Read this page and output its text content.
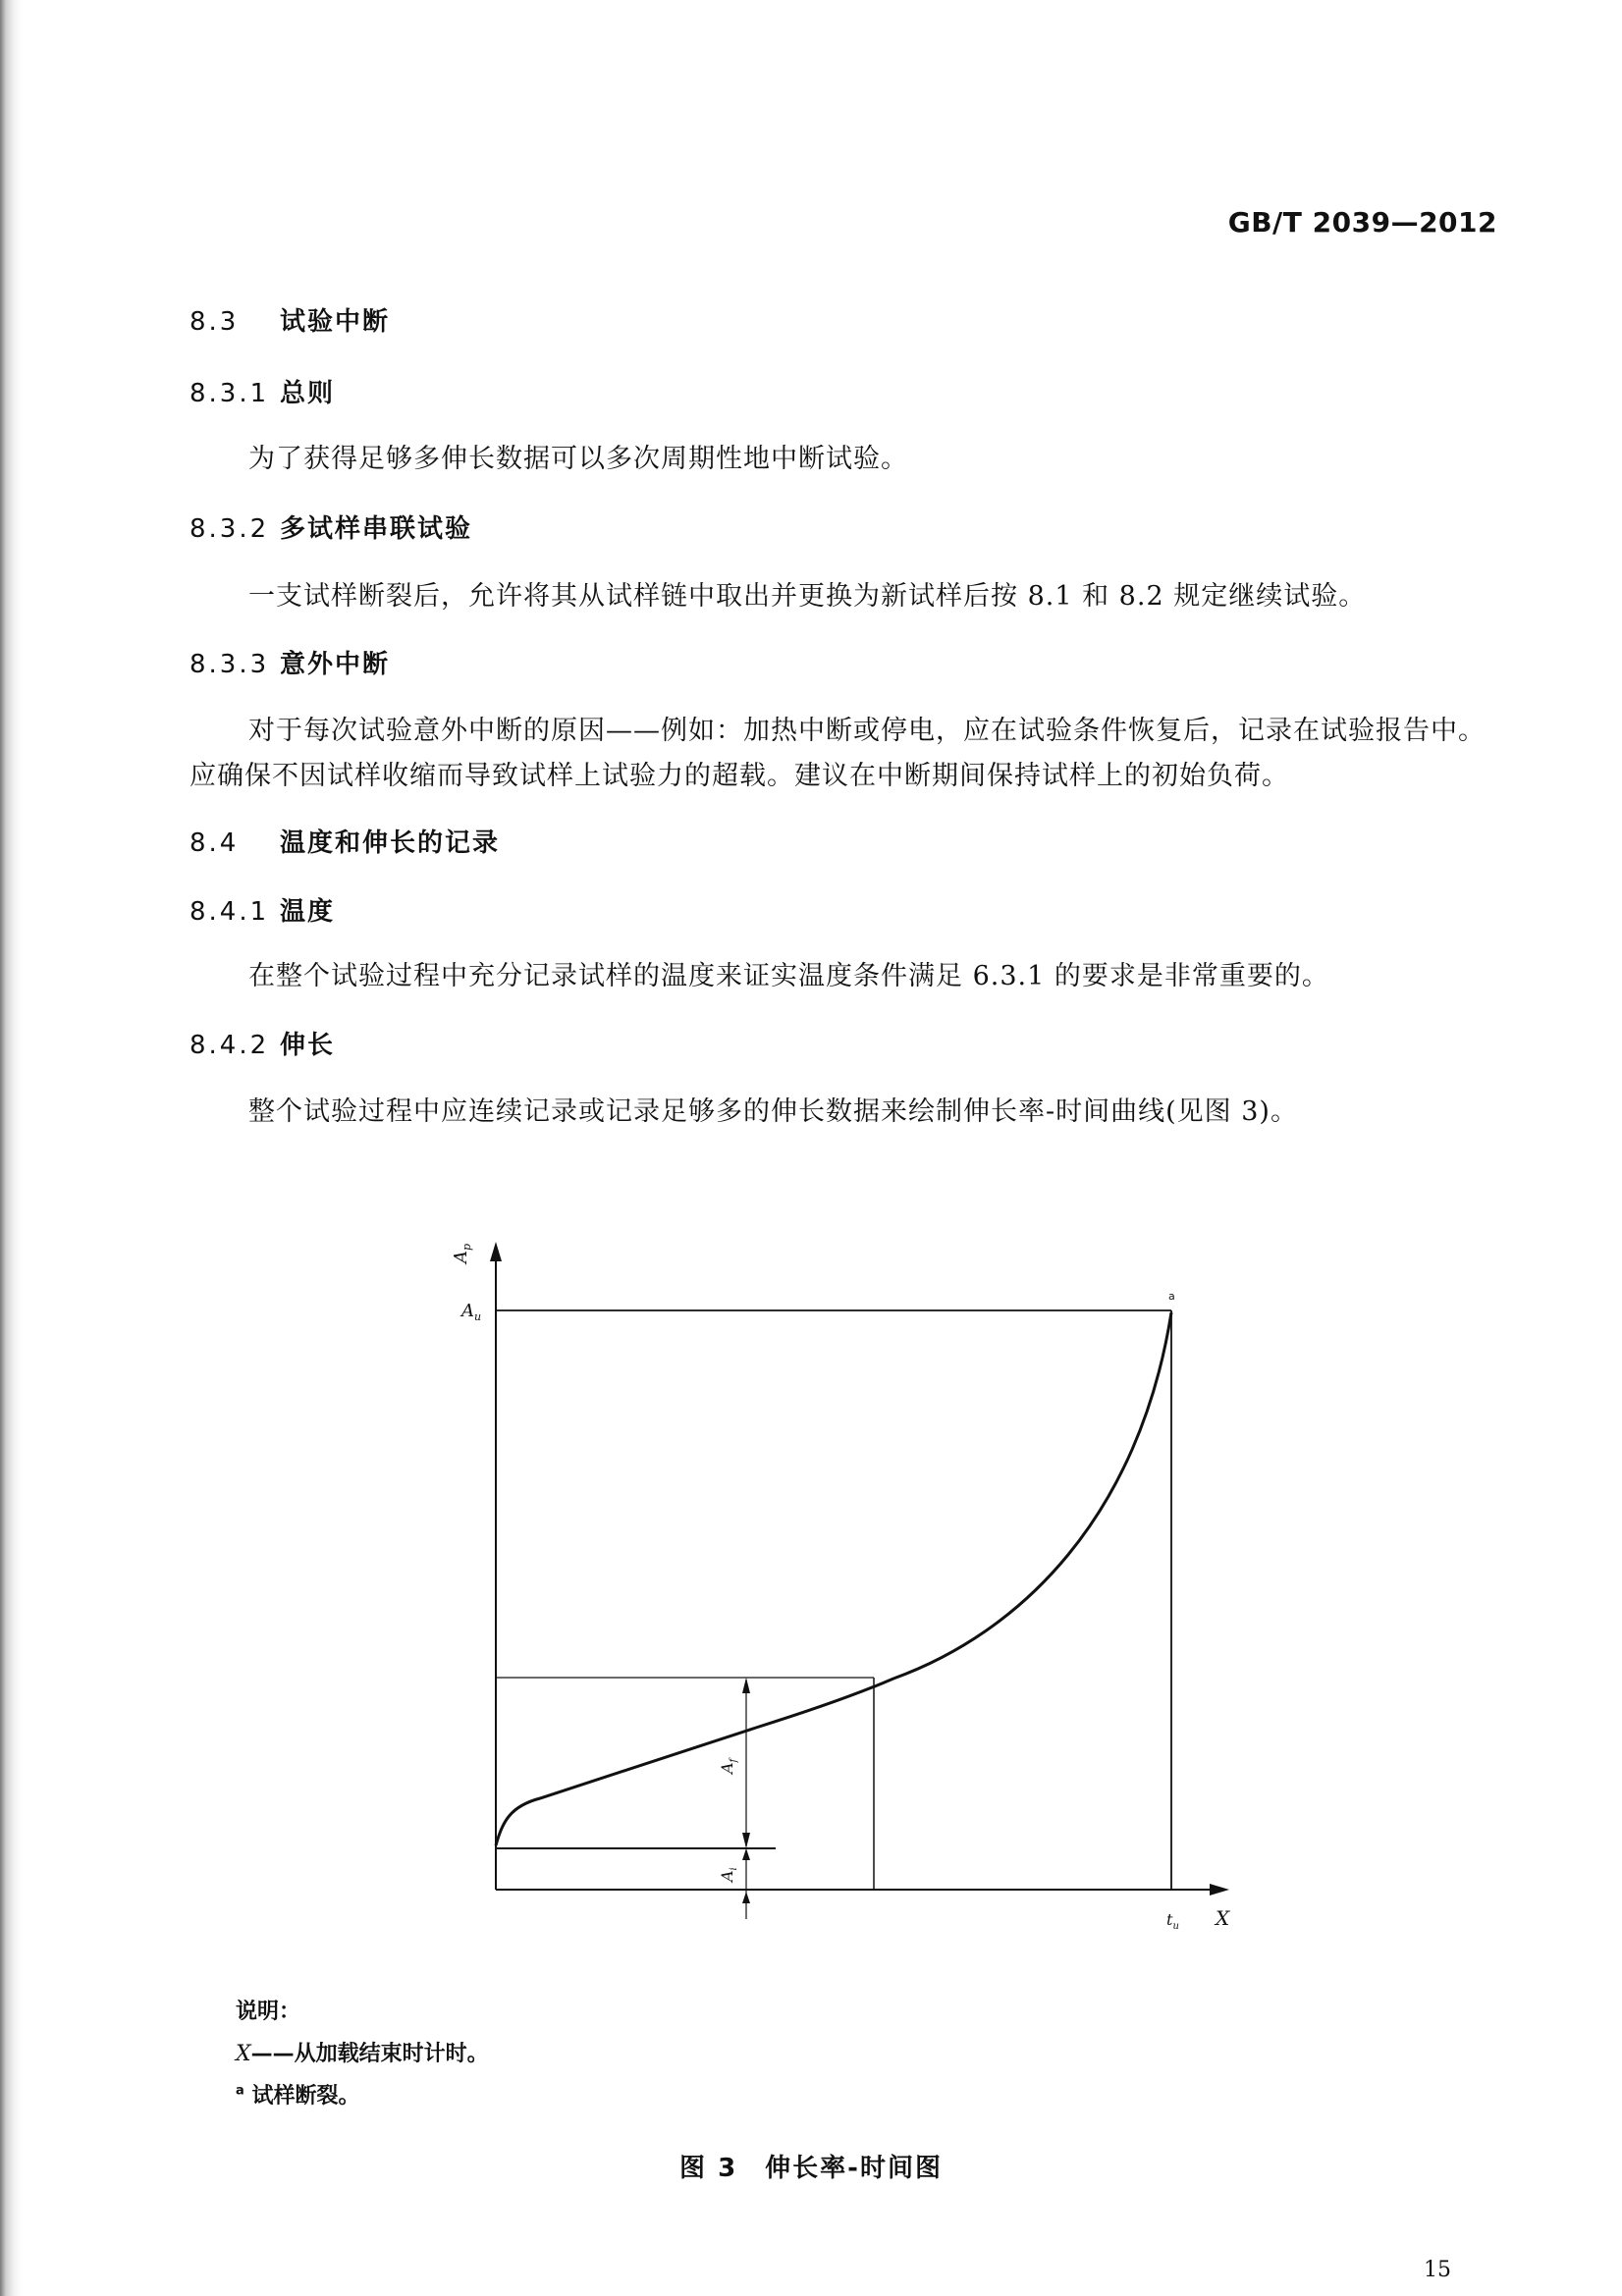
GB/T 2039—2012
8.3 试验中断
8.3.1 总则

为了获得足够多伸长数据可以多次周期性地中断试验。

8.3.2 多试样串联试验

一支试样断裂后，允许将其从试样链中取出并更换为新试样后按 8.1 和 8.2 规定继续试验。

8.3.3 意外中断

对于每次试验意外中断的原因——例如：加热中断或停电，应在试验条件恢复后，记录在试验报告中。应确保不因试样收缩而导致试样上试验力的超载。建议在中断期间保持试样上的初始负荷。

8.4 温度和伸长的记录
8.4.1 温度

在整个试验过程中充分记录试样的温度来证实温度条件满足 6.3.1 的要求是非常重要的。

8.4.2 伸长

整个试验过程中应连续记录或记录足够多的伸长数据来绘制伸长率-时间曲线(见图 3)。

$A_p$
$A_u$
a
$A_f$
$A_i$
$t_u$ X
说明：
X——从加载结束时计时。
$^a$ 试样断裂。
图 3　伸长率-时间图
15
